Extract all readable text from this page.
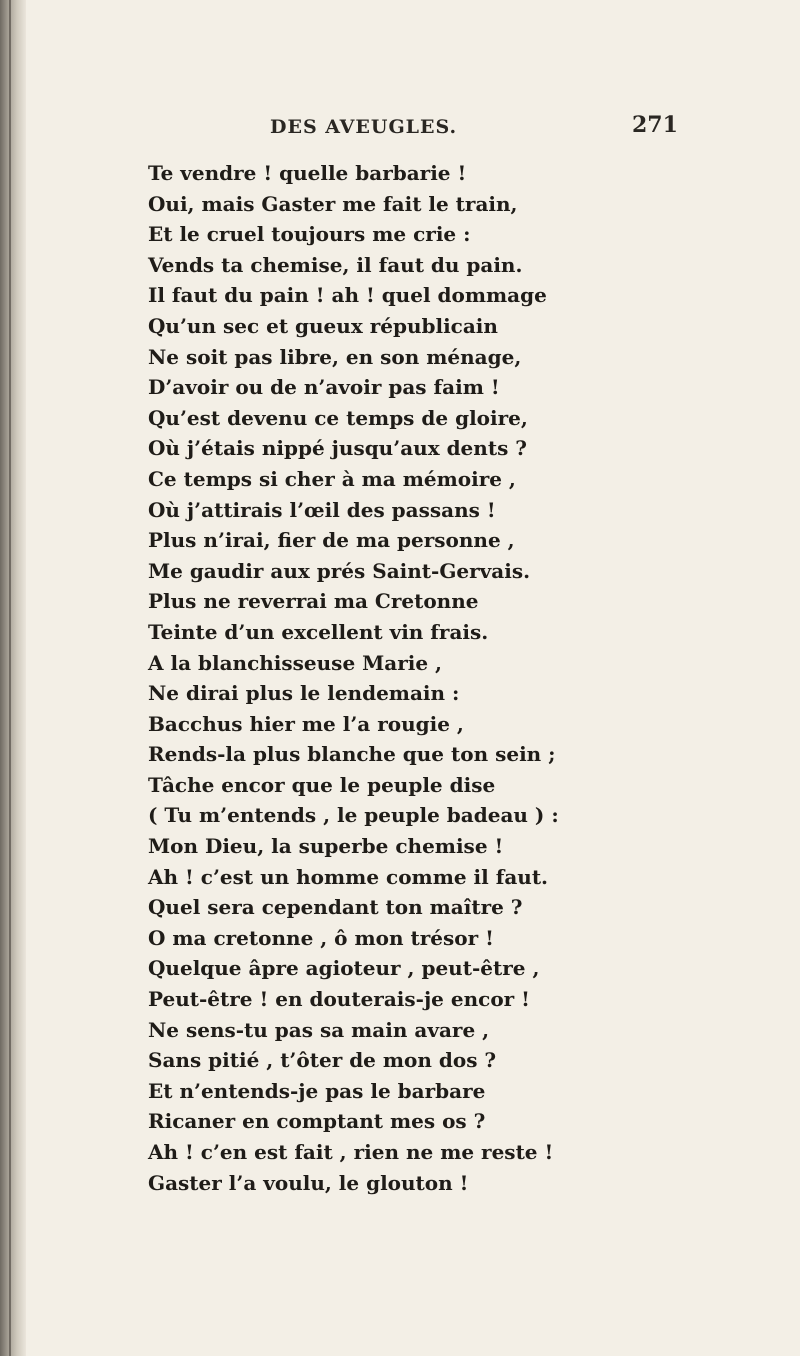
DES AVEUGLES.	271
Te vendre ! quelle barbarie !
Oui, mais Gaster me fait le train,
Et le cruel toujours me crie :
Vends ta chemise, il faut du pain.
Il faut du pain ! ah ! quel dommage
Qu’un sec et gueux républicain
Ne soit pas libre, en son ménage,
D’avoir ou de n’avoir pas faim !
Qu’est devenu ce temps de gloire,
Où j’étais nippé jusqu’aux dents ?
Ce temps si cher à ma mémoire ,
Où j’attirais l’œil des passans !
Plus n’irai, fier de ma personne ,
Me gaudir aux prés Saint-Gervais.
Plus ne reverrai ma Cretonne
Teinte d’un excellent vin frais.
A la blanchisseuse Marie ,
Ne dirai plus le lendemain :
Bacchus hier me l’a rougie ,
Rends-la plus blanche que ton sein ;
Tâche encor que le peuple dise
( Tu m’entends , le peuple badeau ) :
Mon Dieu, la superbe chemise !
Ah ! c’est un homme comme il faut.
Quel sera cependant ton maître ?
O ma cretonne , ô mon trésor !
Quelque âpre agioteur , peut-être ,
Peut-être ! en douterais-je encor !
Ne sens-tu pas sa main avare ,
Sans pitié , t’ôter de mon dos ?
Et n’entends-je pas le barbare
Ricaner en comptant mes os ?
Ah ! c’en est fait , rien ne me reste !
Gaster l’a voulu, le glouton !
